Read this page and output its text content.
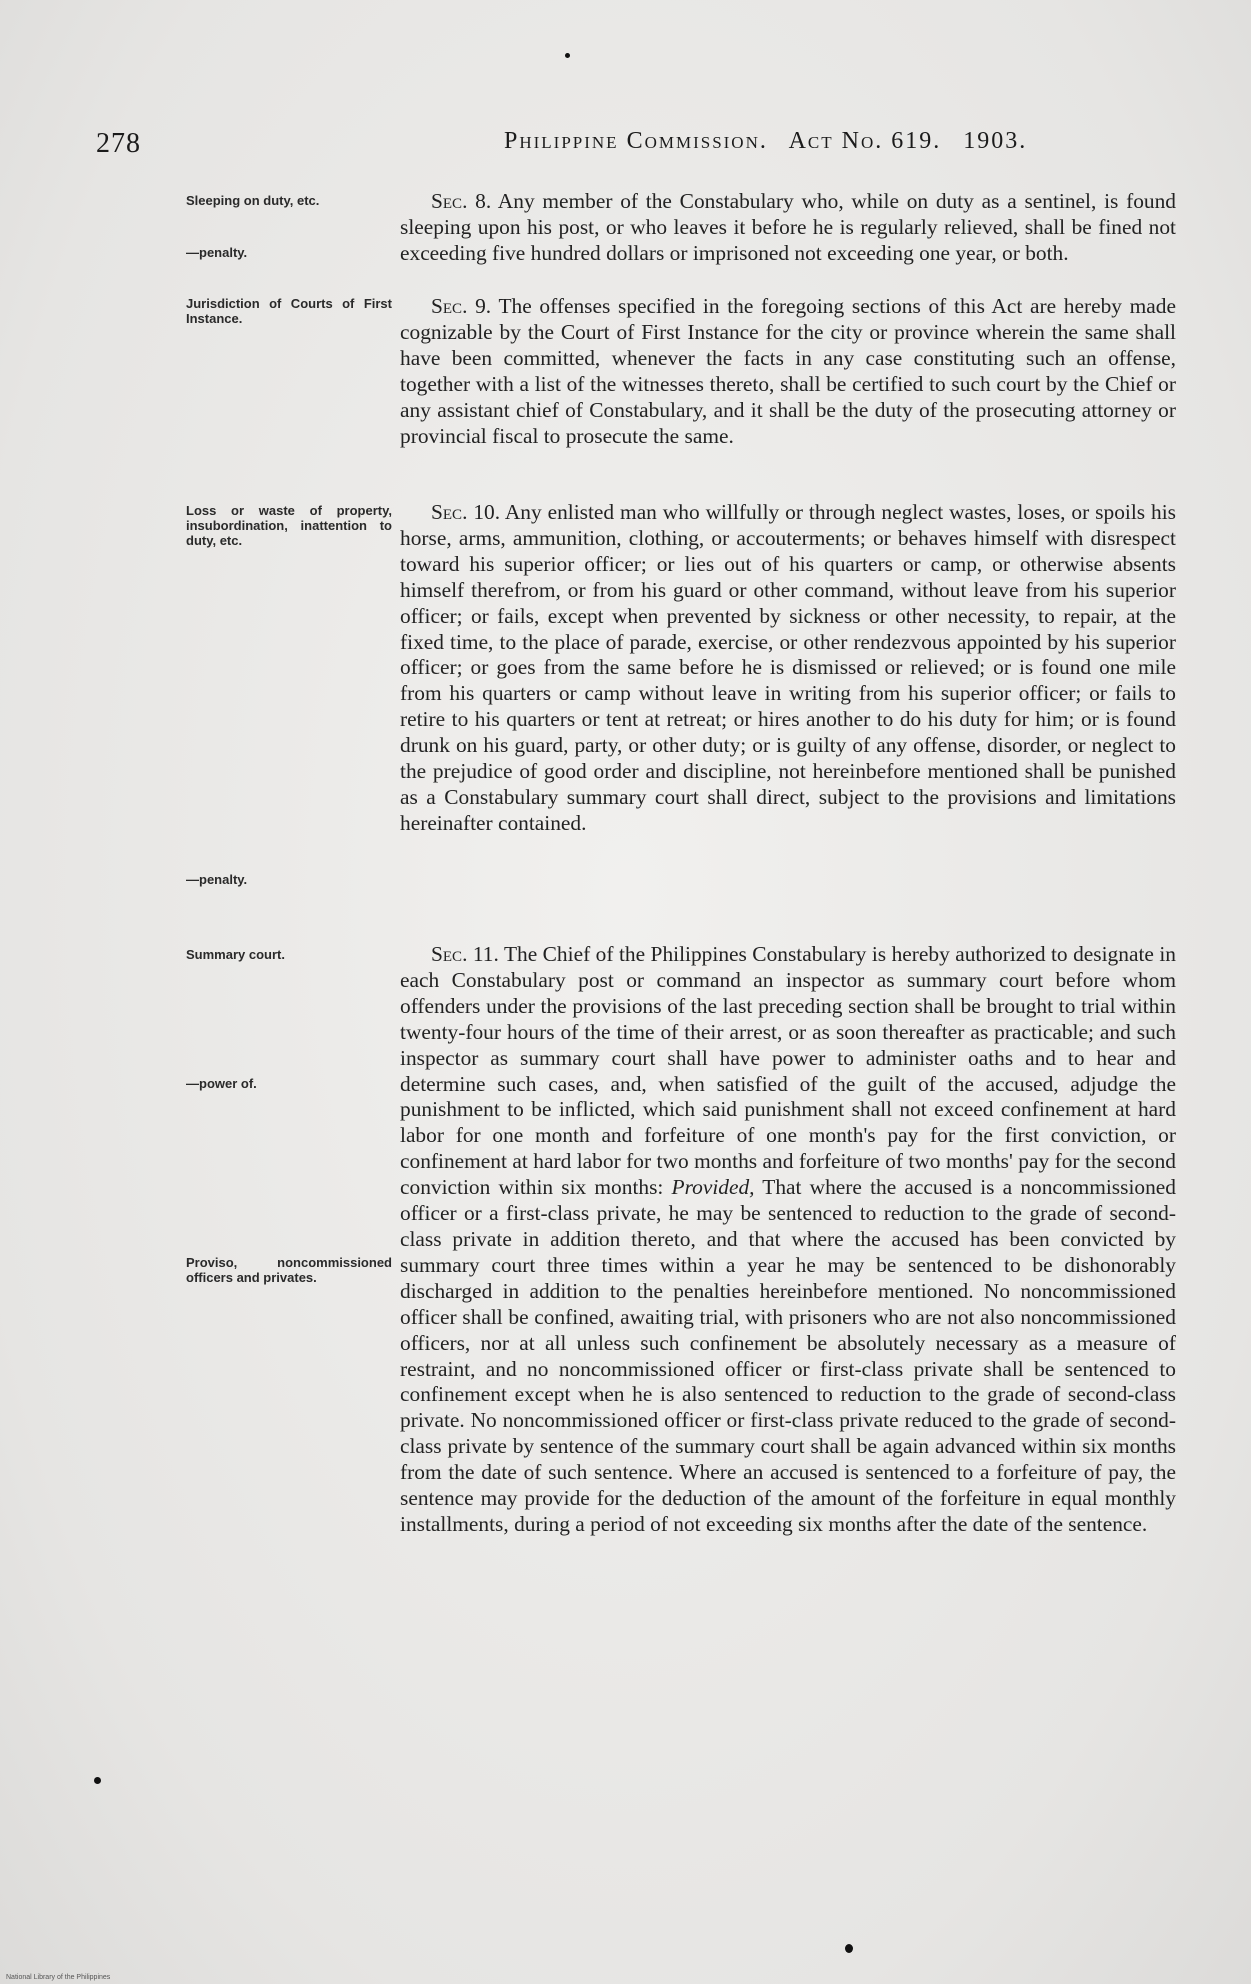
278	Philippine Commission. Act No. 619. 1903.
Sleeping on duty, etc.
—penalty.
Jurisdiction of Courts of First Instance.
Loss or waste of property, insubordination, inattention to duty, etc.
—penalty.
Summary court.
—power of.
Proviso, noncommissioned officers and privates.

Sec. 8. Any member of the Constabulary who, while on duty as a sentinel, is found sleeping upon his post, or who leaves it before he is regularly relieved, shall be fined not exceeding five hundred dollars or imprisoned not exceeding one year, or both.

Sec. 9. The offenses specified in the foregoing sections of this Act are hereby made cognizable by the Court of First Instance for the city or province wherein the same shall have been committed, whenever the facts in any case constituting such an offense, together with a list of the witnesses thereto, shall be certified to such court by the Chief or any assistant chief of Constabulary, and it shall be the duty of the prosecuting attorney or provincial fiscal to prosecute the same.

Sec. 10. Any enlisted man who willfully or through neglect wastes, loses, or spoils his horse, arms, ammunition, clothing, or accouterments; or behaves himself with disrespect toward his superior officer; or lies out of his quarters or camp, or otherwise absents himself therefrom, or from his guard or other command, without leave from his superior officer; or fails, except when prevented by sickness or other necessity, to repair, at the fixed time, to the place of parade, exercise, or other rendezvous appointed by his superior officer; or goes from the same before he is dismissed or relieved; or is found one mile from his quarters or camp without leave in writing from his superior officer; or fails to retire to his quarters or tent at retreat; or hires another to do his duty for him; or is found drunk on his guard, party, or other duty; or is guilty of any offense, disorder, or neglect to the prejudice of good order and discipline, not hereinbefore mentioned shall be punished as a Constabulary summary court shall direct, subject to the provisions and limitations hereinafter contained.

Sec. 11. The Chief of the Philippines Constabulary is hereby authorized to designate in each Constabulary post or command an inspector as summary court before whom offenders under the provisions of the last preceding section shall be brought to trial within twenty-four hours of the time of their arrest, or as soon thereafter as practicable; and such inspector as summary court shall have power to administer oaths and to hear and determine such cases, and, when satisfied of the guilt of the accused, adjudge the punishment to be inflicted, which said punishment shall not exceed confinement at hard labor for one month and forfeiture of one month's pay for the first conviction, or confinement at hard labor for two months and forfeiture of two months' pay for the second conviction within six months: Provided, That where the accused is a noncommissioned officer or a first-class private, he may be sentenced to reduction to the grade of second-class private in addition thereto, and that where the accused has been convicted by summary court three times within a year he may be sentenced to be dishonorably discharged in addition to the penalties hereinbefore mentioned. No noncommissioned officer shall be confined, awaiting trial, with prisoners who are not also noncommissioned officers, nor at all unless such confinement be absolutely necessary as a measure of restraint, and no noncommissioned officer or first-class private shall be sentenced to confinement except when he is also sentenced to reduction to the grade of second-class private. No noncommissioned officer or first-class private reduced to the grade of second-class private by sentence of the summary court shall be again advanced within six months from the date of such sentence. Where an accused is sentenced to a forfeiture of pay, the sentence may provide for the deduction of the amount of the forfeiture in equal monthly installments, during a period of not exceeding six months after the date of the sentence.

National Library of the Philippines
